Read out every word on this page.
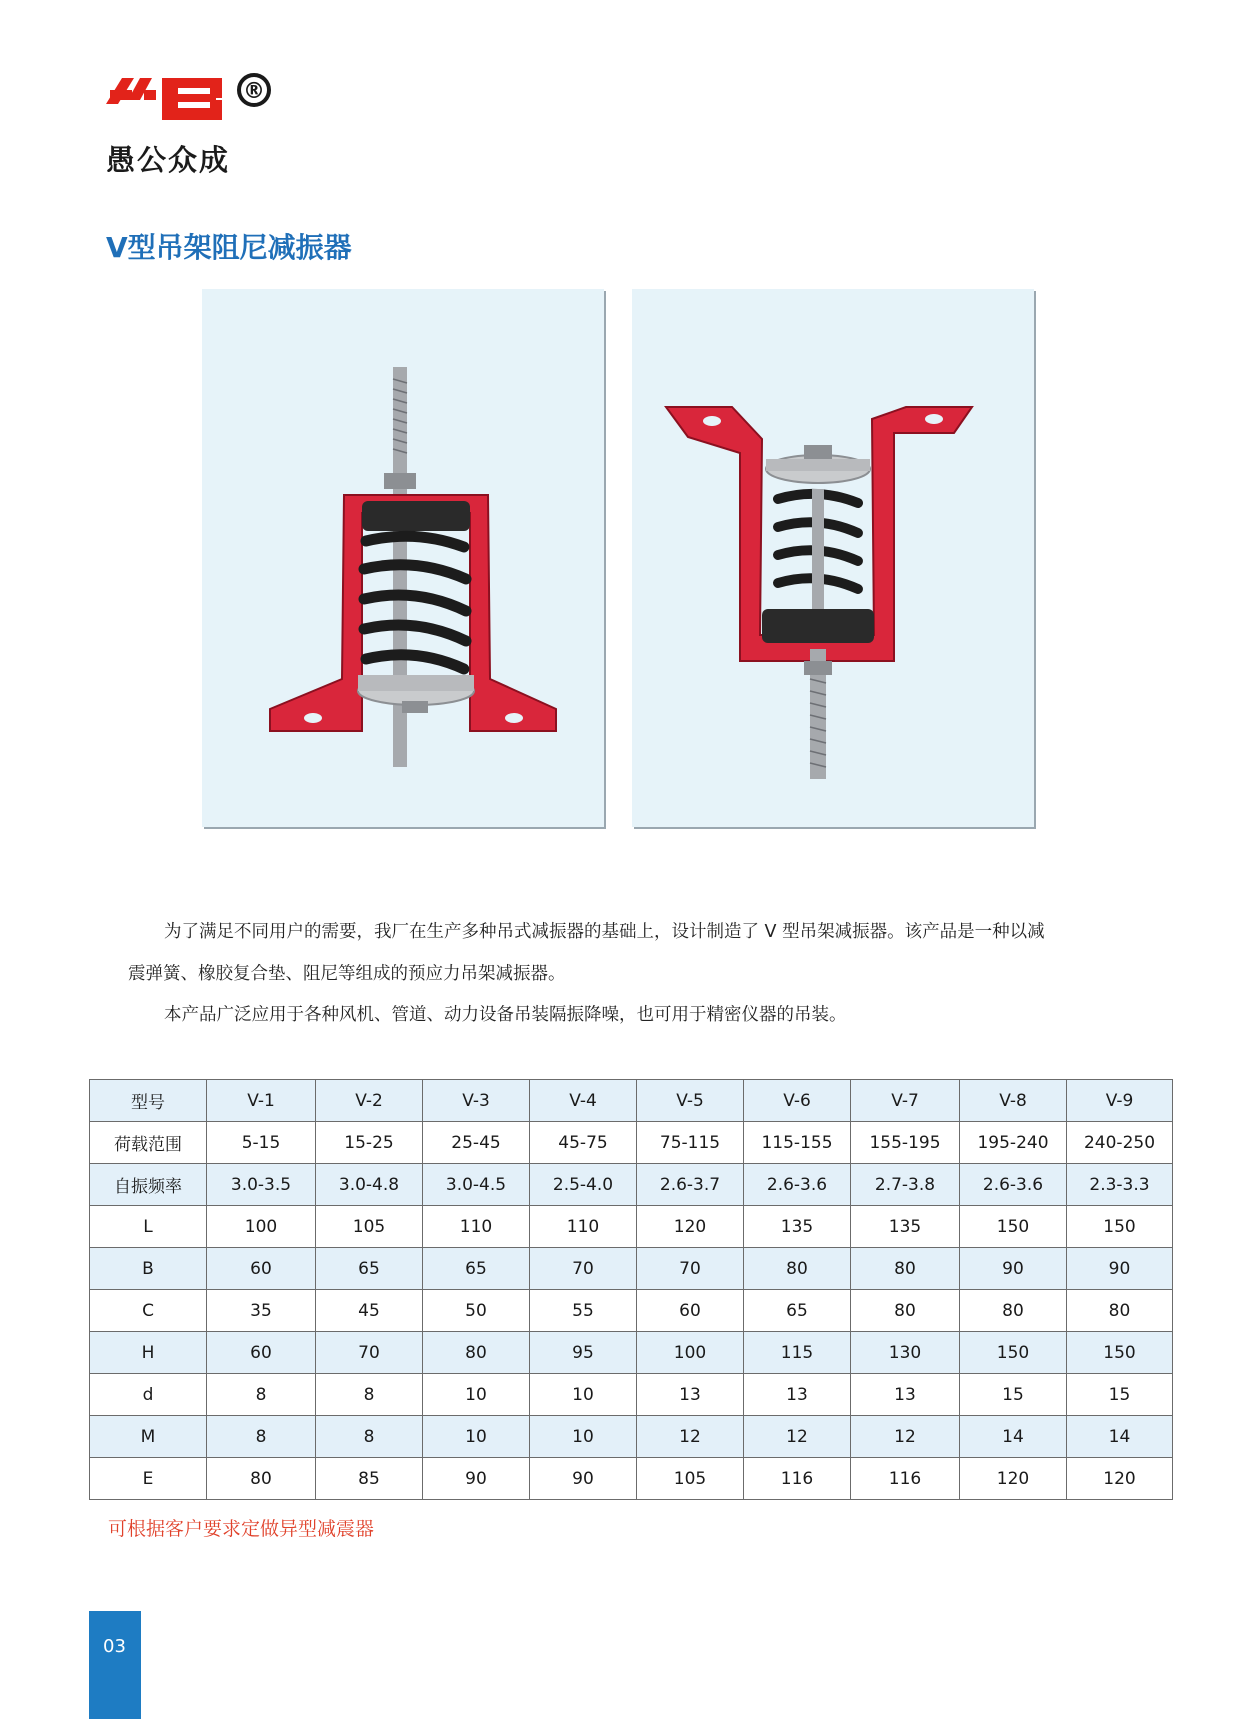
®
愚公众成
V型吊架阻尼减振器
为了满足不同用户的需要，我厂在生产多种吊式减振器的基础上，设计制造了 V 型吊架减振器。该产品是一种以减
震弹簧、橡胶复合垫、阻尼等组成的预应力吊架减振器。
本产品广泛应用于各种风机、管道、动力设备吊装隔振降噪，也可用于精密仪器的吊装。
型号	V-1	V-2	V-3	V-4	V-5	V-6	V-7	V-8	V-9
荷载范围	5-15	15-25	25-45	45-75	75-115	115-155	155-195	195-240	240-250
自振频率	3.0-3.5	3.0-4.8	3.0-4.5	2.5-4.0	2.6-3.7	2.6-3.6	2.7-3.8	2.6-3.6	2.3-3.3
L	100	105	110	110	120	135	135	150	150
B	60	65	65	70	70	80	80	90	90
C	35	45	50	55	60	65	80	80	80
H	60	70	80	95	100	115	130	150	150
d	8	8	10	10	13	13	13	15	15
M	8	8	10	10	12	12	12	14	14
E	80	85	90	90	105	116	116	120	120
可根据客户要求定做异型减震器
03
